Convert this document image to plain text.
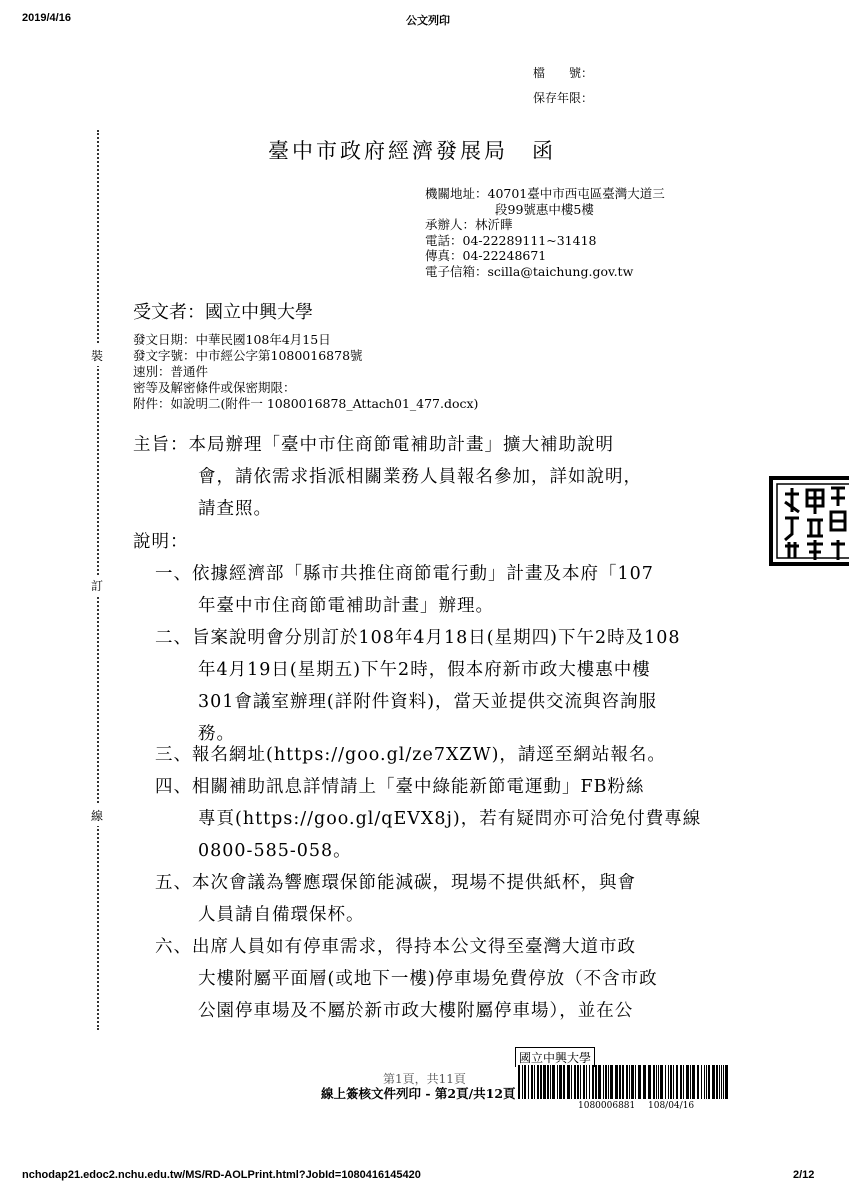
2019/4/16	公文列印
檔　　號：
保存年限：
臺中市政府經濟發展局　函
機關地址：40701臺中市西屯區臺灣大道三
段99號惠中樓5樓
承辦人：林沂瞱
電話：04-22289111~31418
傳真：04-22248671
電子信箱：scilla@taichung.gov.tw
受文者：國立中興大學
發文日期：中華民國108年4月15日
發文字號：中市經公字第1080016878號
速別：普通件
密等及解密條件或保密期限：
附件：如說明二(附件一 1080016878_Attach01_477.docx)
主旨：本局辦理「臺中市住商節電補助計畫」擴大補助說明
會，請依需求指派相關業務人員報名參加，詳如說明，
請查照。
說明：
一、依據經濟部「縣市共推住商節電行動」計畫及本府「107
年臺中市住商節電補助計畫」辦理。
二、旨案說明會分別訂於108年4月18日(星期四)下午2時及108
年4月19日(星期五)下午2時，假本府新市政大樓惠中樓
301會議室辦理(詳附件資料)，當天並提供交流與咨詢服
務。
三、報名網址(https://goo.gl/ze7XZW)，請逕至網站報名。
四、相關補助訊息詳情請上「臺中綠能新節電運動」FB粉絲
專頁(https://goo.gl/qEVX8j)，若有疑問亦可洽免付費專線
0800-585-058。
五、本次會議為響應環保節能減碳，現場不提供紙杯，與會
人員請自備環保杯。
六、出席人員如有停車需求，得持本公文得至臺灣大道市政
大樓附屬平面層(或地下一樓)停車場免費停放（不含市政
公園停車場及不屬於新市政大樓附屬停車場），並在公
裝
訂
線
第1頁，共11頁
線上簽核文件列印 - 第2頁/共12頁
國立中興大學
1080006881 108/04/16
nchodap21.edoc2.nchu.edu.tw/MS/RD-AOLPrint.html?JobId=1080416145420	2/12
